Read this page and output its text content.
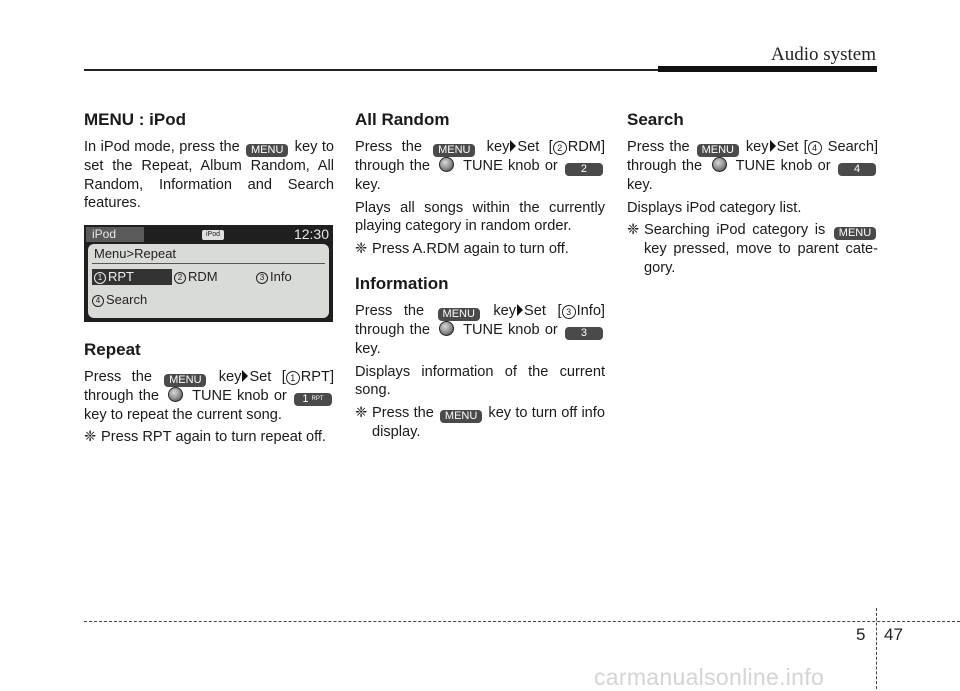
Audio system
MENU : iPod

In iPod mode, press the MENU key to set the Repeat, Album Random, All Random, Information and Search features.

iPod	iPod	12:30
Menu>Repeat
1 RPT	2 RDM	3 Info
4 Search
Repeat

Press the MENU key Set [ 1 RPT] through the TUNE knob or 1 $^{RPT}$ key to repeat the current song.

❈ Press RPT again to turn repeat off.
All Random

Press the MENU key Set [ 2 RDM] through the TUNE knob or 2 key.

Plays all songs within the currently playing category in random order.

❈ Press A.RDM again to turn off.
Information

Press the MENU key Set [ 3 Info] through the TUNE knob or 3 key.

Displays information of the current song.

❈ Press the MENU key to turn off info display.
Search

Press the MENU key Set [ 4 Search] through the TUNE knob or 4 key.

Displays iPod category list.

❈ Searching iPod category is MENU key pressed, move to parent cate-gory.
5 47
carmanualsonline.info
